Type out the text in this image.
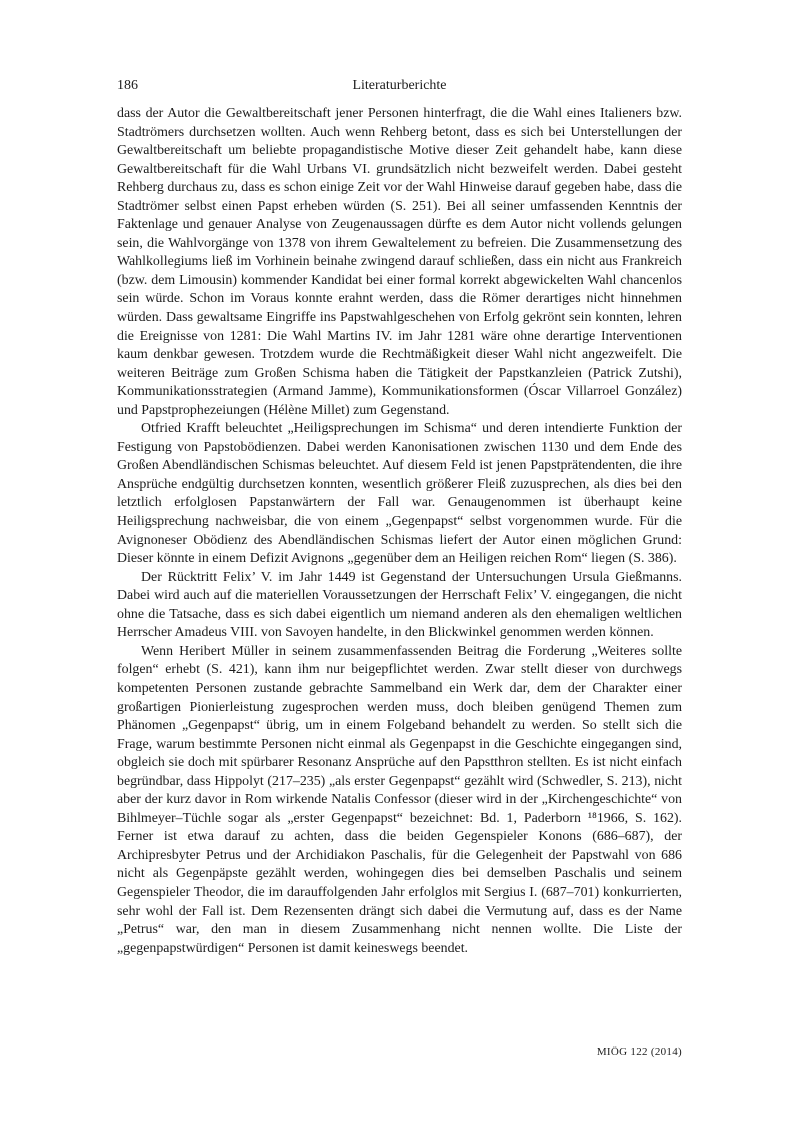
186	Literaturberichte

dass der Autor die Gewaltbereitschaft jener Personen hinterfragt, die die Wahl eines Italieners bzw. Stadtrömers durchsetzen wollten. Auch wenn Rehberg betont, dass es sich bei Unterstellungen der Gewaltbereitschaft um beliebte propagandistische Motive dieser Zeit gehandelt habe, kann diese Gewaltbereitschaft für die Wahl Urbans VI. grundsätzlich nicht bezweifelt werden. Dabei gesteht Rehberg durchaus zu, dass es schon einige Zeit vor der Wahl Hinweise darauf gegeben habe, dass die Stadtrömer selbst einen Papst erheben würden (S. 251). Bei all seiner umfassenden Kenntnis der Faktenlage und genauer Analyse von Zeugenaussagen dürfte es dem Autor nicht vollends gelungen sein, die Wahlvorgänge von 1378 von ihrem Gewaltelement zu befreien. Die Zusammensetzung des Wahlkollegiums ließ im Vorhinein beinahe zwingend darauf schließen, dass ein nicht aus Frankreich (bzw. dem Limousin) kommender Kandidat bei einer formal korrekt abgewickelten Wahl chancenlos sein würde. Schon im Voraus konnte erahnt werden, dass die Römer derartiges nicht hinnehmen würden. Dass gewaltsame Eingriffe ins Papstwahlgeschehen von Erfolg gekrönt sein konnten, lehren die Ereignisse von 1281: Die Wahl Martins IV. im Jahr 1281 wäre ohne derartige Interventionen kaum denkbar gewesen. Trotzdem wurde die Rechtmäßigkeit dieser Wahl nicht angezweifelt. Die weiteren Beiträge zum Großen Schisma haben die Tätigkeit der Papstkanzleien (Patrick Zutshi), Kommunikationsstrategien (Armand Jamme), Kommunikationsformen (Óscar Villarroel González) und Papstprophezeiungen (Hélène Millet) zum Gegenstand.

Otfried Krafft beleuchtet „Heiligsprechungen im Schisma“ und deren intendierte Funktion der Festigung von Papstobödienzen. Dabei werden Kanonisationen zwischen 1130 und dem Ende des Großen Abendländischen Schismas beleuchtet. Auf diesem Feld ist jenen Papstprätendenten, die ihre Ansprüche endgültig durchsetzen konnten, wesentlich größerer Fleiß zuzusprechen, als dies bei den letztlich erfolglosen Papstanwärtern der Fall war. Genaugenommen ist überhaupt keine Heiligsprechung nachweisbar, die von einem „Gegenpapst“ selbst vorgenommen wurde. Für die Avignoneser Obödienz des Abendländischen Schismas liefert der Autor einen möglichen Grund: Dieser könnte in einem Defizit Avignons „gegenüber dem an Heiligen reichen Rom“ liegen (S. 386).

Der Rücktritt Felix’ V. im Jahr 1449 ist Gegenstand der Untersuchungen Ursula Gießmanns. Dabei wird auch auf die materiellen Voraussetzungen der Herrschaft Felix’ V. eingegangen, die nicht ohne die Tatsache, dass es sich dabei eigentlich um niemand anderen als den ehemaligen weltlichen Herrscher Amadeus VIII. von Savoyen handelte, in den Blickwinkel genommen werden können.

Wenn Heribert Müller in seinem zusammenfassenden Beitrag die Forderung „Weiteres sollte folgen“ erhebt (S. 421), kann ihm nur beigepflichtet werden. Zwar stellt dieser von durchwegs kompetenten Personen zustande gebrachte Sammelband ein Werk dar, dem der Charakter einer großartigen Pionierleistung zugesprochen werden muss, doch bleiben genügend Themen zum Phänomen „Gegenpapst“ übrig, um in einem Folgeband behandelt zu werden. So stellt sich die Frage, warum bestimmte Personen nicht einmal als Gegenpapst in die Geschichte eingegangen sind, obgleich sie doch mit spürbarer Resonanz Ansprüche auf den Papstthron stellten. Es ist nicht einfach begründbar, dass Hippolyt (217–235) „als erster Gegenpapst“ gezählt wird (Schwedler, S. 213), nicht aber der kurz davor in Rom wirkende Natalis Confessor (dieser wird in der „Kirchengeschichte“ von Bihlmeyer–Tüchle sogar als „erster Gegenpapst“ bezeichnet: Bd. 1, Paderborn ¹⁸1966, S. 162). Ferner ist etwa darauf zu achten, dass die beiden Gegenspieler Konons (686–687), der Archipresbyter Petrus und der Archidiakon Paschalis, für die Gelegenheit der Papstwahl von 686 nicht als Gegenpäpste gezählt werden, wohingegen dies bei demselben Paschalis und seinem Gegenspieler Theodor, die im darauffolgenden Jahr erfolglos mit Sergius I. (687–701) konkurrierten, sehr wohl der Fall ist. Dem Rezensenten drängt sich dabei die Vermutung auf, dass es der Name „Petrus“ war, den man in diesem Zusammenhang nicht nennen wollte. Die Liste der „gegenpapstwürdigen“ Personen ist damit keineswegs beendet.

MIÖG 122 (2014)
